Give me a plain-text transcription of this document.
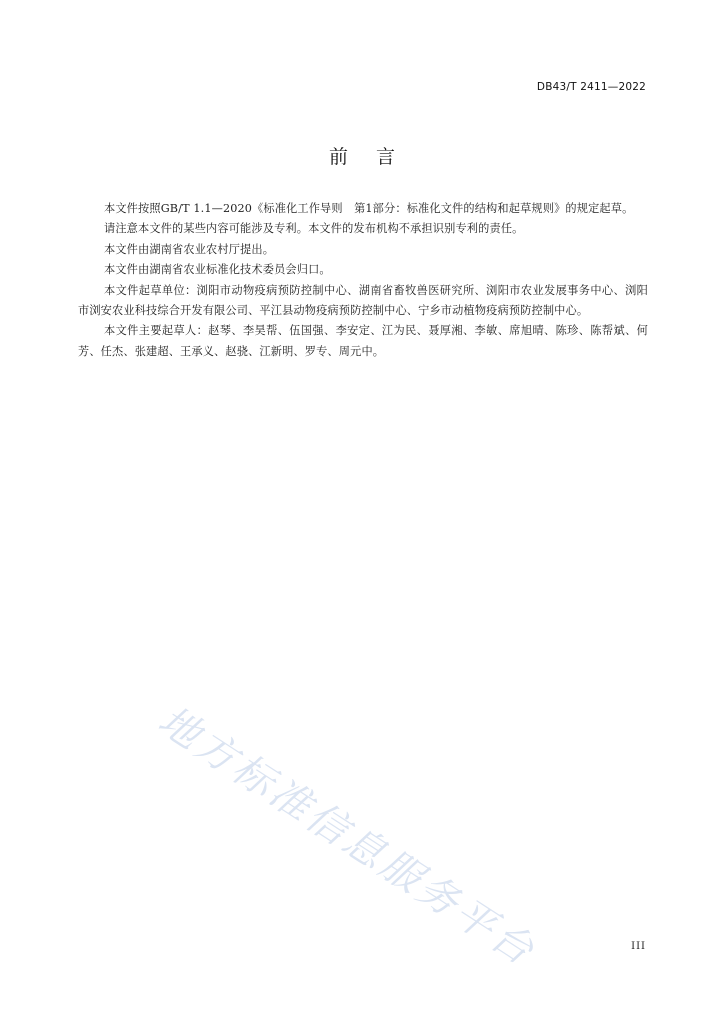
DB43/T 2411—2022
前言

本文件按照GB/T 1.1—2020《标准化工作导则　第1部分：标准化文件的结构和起草规则》的规定起草。

请注意本文件的某些内容可能涉及专利。本文件的发布机构不承担识别专利的责任。

本文件由湖南省农业农村厅提出。

本文件由湖南省农业标准化技术委员会归口。

本文件起草单位：浏阳市动物疫病预防控制中心、湖南省畜牧兽医研究所、浏阳市农业发展事务中心、浏阳市浏安农业科技综合开发有限公司、平江县动物疫病预防控制中心、宁乡市动植物疫病预防控制中心。

本文件主要起草人：赵琴、李昊帮、伍国强、李安定、江为民、聂厚湘、李敏、席旭晴、陈珍、陈帮斌、何芳、任杰、张建超、王承义、赵骁、江新明、罗专、周元中。

地方标准信息服务平台	III
